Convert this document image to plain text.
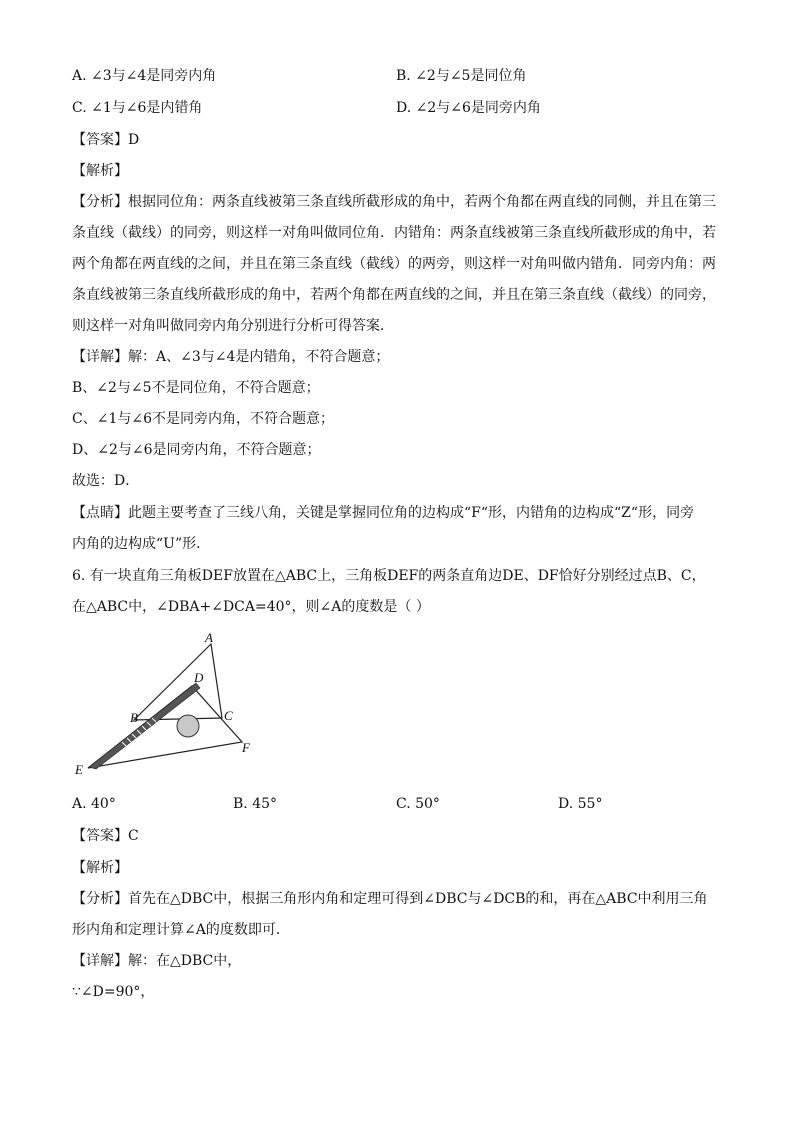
A. ∠3与∠4是同旁内角	B. ∠2与∠5是同位角
C. ∠1与∠6是内错角	D. ∠2与∠6是同旁内角
【答案】D
【解析】
【分析】根据同位角：两条直线被第三条直线所截形成的角中，若两个角都在两直线的同侧，并且在第三
条直线（截线）的同旁，则这样一对角叫做同位角．内错角：两条直线被第三条直线所截形成的角中，若
两个角都在两直线的之间，并且在第三条直线（截线）的两旁，则这样一对角叫做内错角．同旁内角：两
条直线被第三条直线所截形成的角中，若两个角都在两直线的之间，并且在第三条直线（截线）的同旁，
则这样一对角叫做同旁内角分别进行分析可得答案．
【详解】解：A、∠3与∠4是内错角，不符合题意；
B、∠2与∠5不是同位角，不符合题意；
C、∠1与∠6不是同旁内角，不符合题意；
D、∠2与∠6是同旁内角，不符合题意；
故选：D．
【点睛】此题主要考查了三线八角，关键是掌握同位角的边构成“F“形，内错角的边构成“Z“形，同旁
内角的边构成“U”形．
6. 有一块直角三角板DEF放置在△ABC上，三角板DEF的两条直角边DE、DF恰好分别经过点B、C，
在△ABC中，∠DBA+∠DCA=40°，则∠A的度数是（ ）
A
D
B	C
F
E
A. 40°	B. 45°	C. 50°	D. 55°
【答案】C
【解析】
【分析】首先在△DBC中，根据三角形内角和定理可得到∠DBC与∠DCB的和，再在△ABC中利用三角
形内角和定理计算∠A的度数即可．
【详解】解：在△DBC中，
∵∠D=90°，
